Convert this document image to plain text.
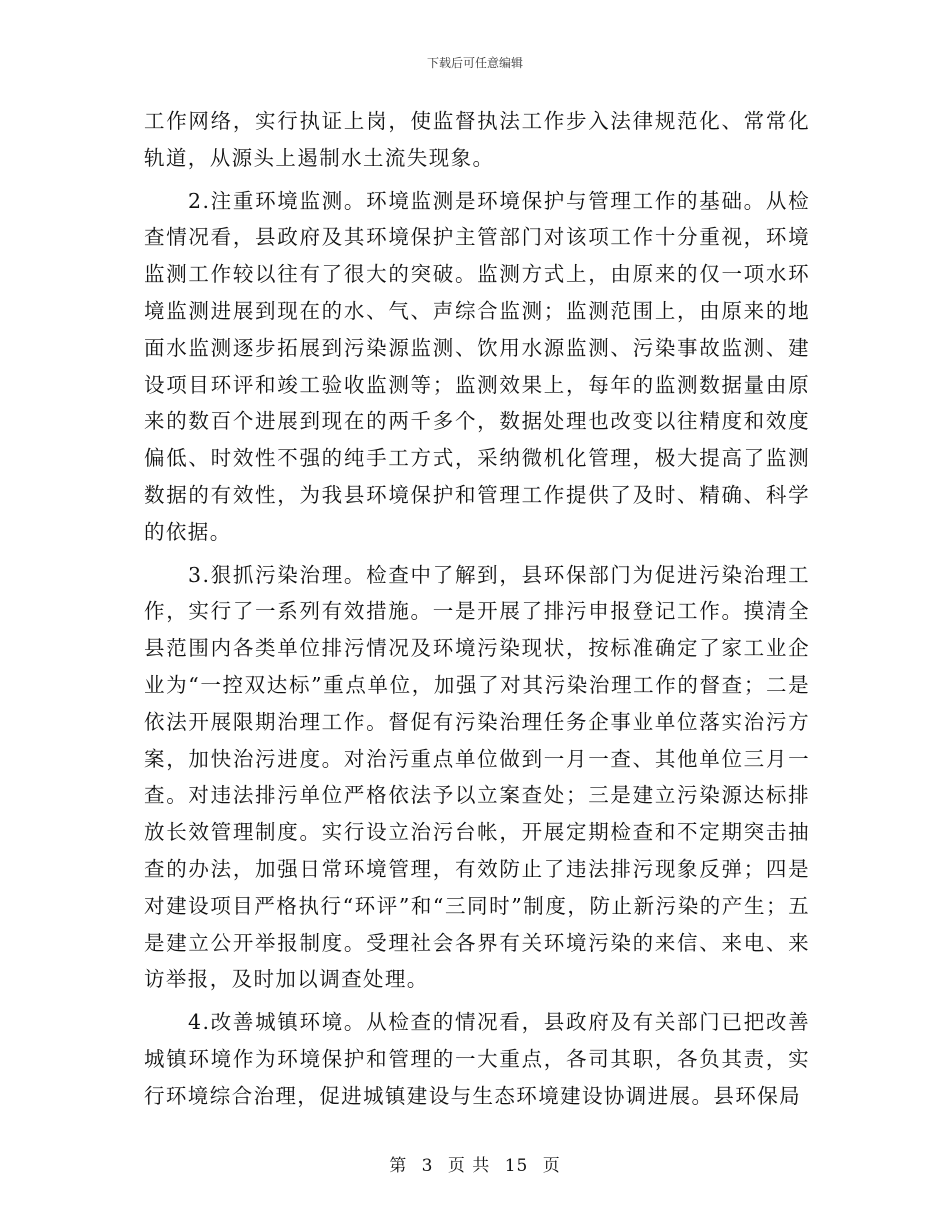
下载后可任意编辑

工作网络，实行执证上岗，使监督执法工作步入法律规范化、常常化轨道，从源头上遏制水土流失现象。

2.注重环境监测。环境监测是环境保护与管理工作的基础。从检查情况看，县政府及其环境保护主管部门对该项工作十分重视，环境监测工作较以往有了很大的突破。监测方式上，由原来的仅一项水环境监测进展到现在的水、气、声综合监测；监测范围上，由原来的地面水监测逐步拓展到污染源监测、饮用水源监测、污染事故监测、建设项目环评和竣工验收监测等；监测效果上，每年的监测数据量由原来的数百个进展到现在的两千多个，数据处理也改变以往精度和效度偏低、时效性不强的纯手工方式，采纳微机化管理，极大提高了监测数据的有效性，为我县环境保护和管理工作提供了及时、精确、科学的依据。

3.狠抓污染治理。检查中了解到，县环保部门为促进污染治理工作，实行了一系列有效措施。一是开展了排污申报登记工作。摸清全县范围内各类单位排污情况及环境污染现状，按标准确定了家工业企业为“一控双达标”重点单位，加强了对其污染治理工作的督查；二是依法开展限期治理工作。督促有污染治理任务企事业单位落实治污方案，加快治污进度。对治污重点单位做到一月一查、其他单位三月一查。对违法排污单位严格依法予以立案查处；三是建立污染源达标排放长效管理制度。实行设立治污台帐，开展定期检查和不定期突击抽查的办法，加强日常环境管理，有效防止了违法排污现象反弹；四是对建设项目严格执行“环评”和“三同时”制度，防止新污染的产生；五是建立公开举报制度。受理社会各界有关环境污染的来信、来电、来访举报，及时加以调查处理。

4.改善城镇环境。从检查的情况看，县政府及有关部门已把改善城镇环境作为环境保护和管理的一大重点，各司其职，各负其责，实行环境综合治理，促进城镇建设与生态环境建设协调进展。县环保局

第 3 页 共 15 页
